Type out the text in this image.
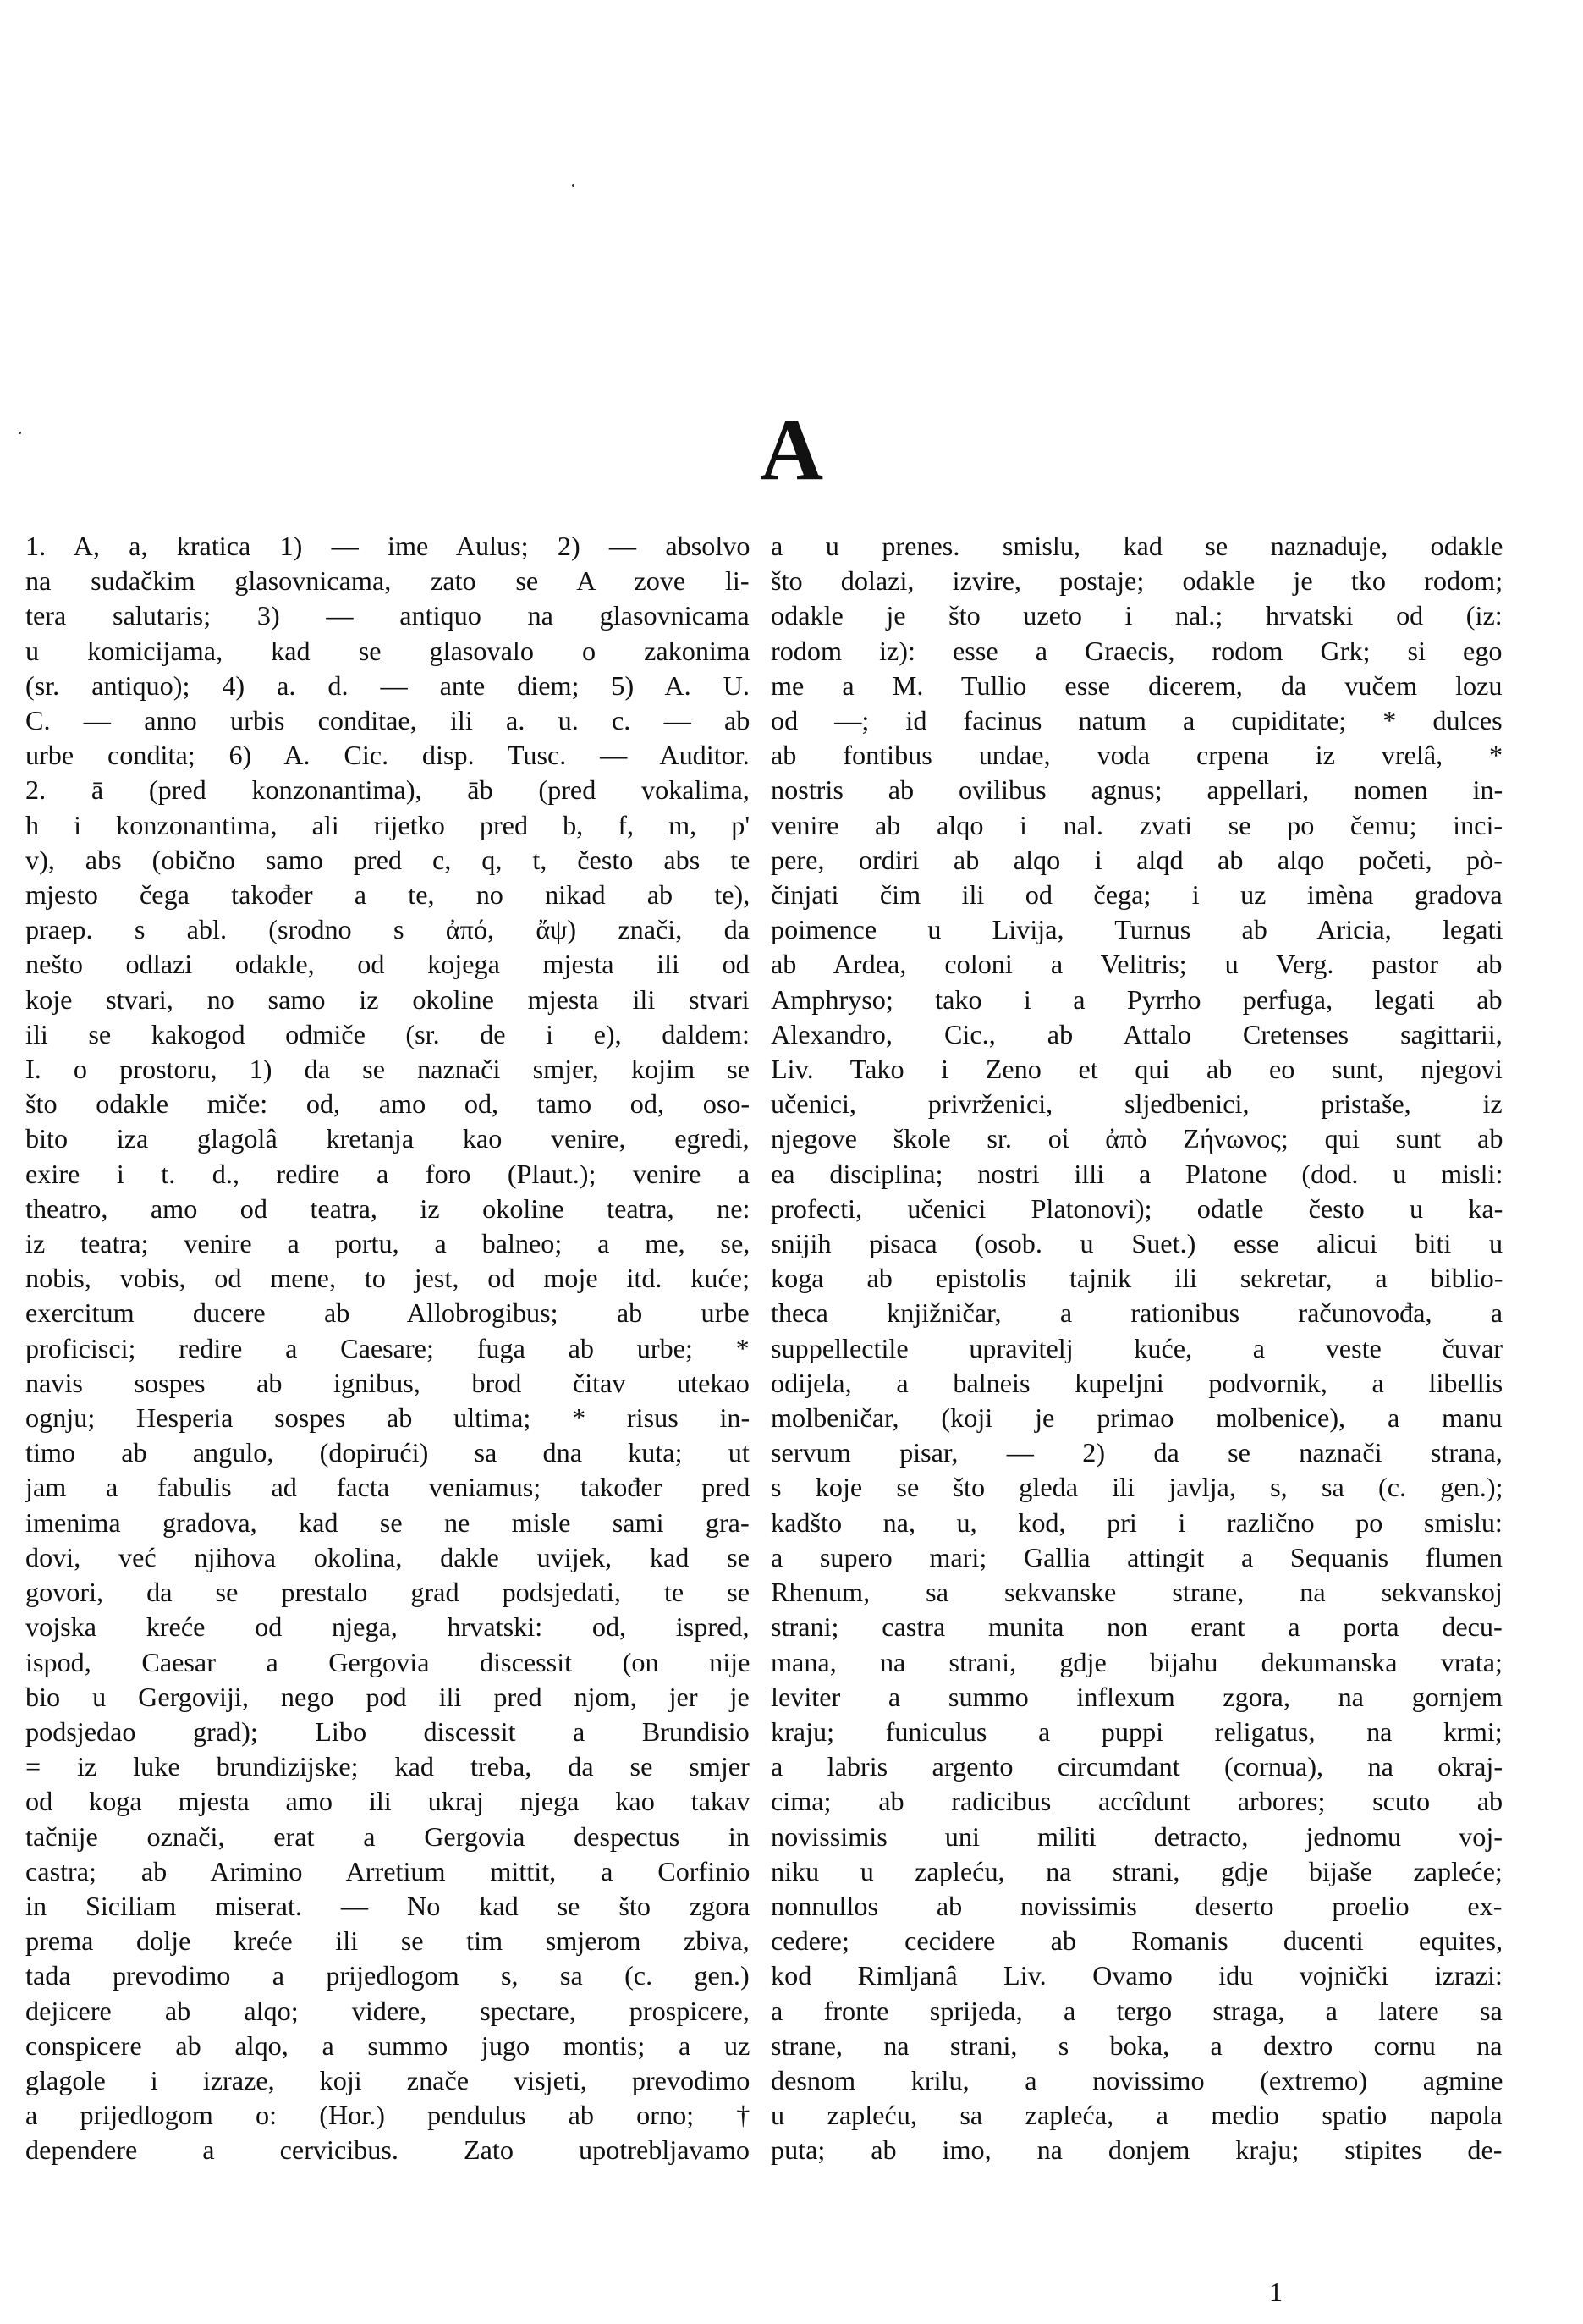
A
1. A, a, kratica 1) — ime Aulus; 2) — absolvo
na sudačkim glasovnicama, zato se A zove li-
tera salutaris; 3) — antiquo na glasovnicama
u komicijama, kad se glasovalo o zakonima
(sr. antiquo); 4) a. d. — ante diem; 5) A. U.
C. — anno urbis conditae, ili a. u. c. — ab
urbe condita; 6) A. Cic. disp. Tusc. — Auditor.
2. ā (pred konzonantima), āb (pred vokalima,
h i konzonantima, ali rijetko pred b, f, m, p'
v), abs (obično samo pred c, q, t, često abs te
mjesto čega također a te, no nikad ab te),
praep. s abl. (srodno s ἀπό, ἄψ) znači, da
nešto odlazi odakle, od kojega mjesta ili od
koje stvari, no samo iz okoline mjesta ili stvari
ili se kakogod odmiče (sr. de i e), daldem:
I. o prostoru, 1) da se naznači smjer, kojim se
što odakle miče: od, amo od, tamo od, oso-
bito iza glagolâ kretanja kao venire, egredi,
exire i t. d., redire a foro (Plaut.); venire a
theatro, amo od teatra, iz okoline teatra, ne:
iz teatra; venire a portu, a balneo; a me, se,
nobis, vobis, od mene, to jest, od moje itd. kuće;
exercitum ducere ab Allobrogibus; ab urbe
proficisci; redire a Caesare; fuga ab urbe; *
navis sospes ab ignibus, brod čitav utekao
ognju; Hesperia sospes ab ultima; * risus in-
timo ab angulo, (dopirući) sa dna kuta; ut
jam a fabulis ad facta veniamus; također pred
imenima gradova, kad se ne misle sami gra-
dovi, već njihova okolina, dakle uvijek, kad se
govori, da se prestalo grad podsjedati, te se
vojska kreće od njega, hrvatski: od, ispred,
ispod, Caesar a Gergovia discessit (on nije
bio u Gergoviji, nego pod ili pred njom, jer je
podsjedao grad); Libo discessit a Brundisio
= iz luke brundizijske; kad treba, da se smjer
od koga mjesta amo ili ukraj njega kao takav
tačnije označi, erat a Gergovia despectus in
castra; ab Arimino Arretium mittit, a Corfinio
in Siciliam miserat. — No kad se što zgora
prema dolje kreće ili se tim smjerom zbiva,
tada prevodimo a prijedlogom s, sa (c. gen.)
dejicere ab alqo; videre, spectare, prospicere,
conspicere ab alqo, a summo jugo montis; a uz
glagole i izraze, koji znače visjeti, prevodimo
a prijedlogom o: (Hor.) pendulus ab orno; †
dependere a cervicibus. Zato upotrebljavamo
a u prenes. smislu, kad se naznaduje, odakle
što dolazi, izvire, postaje; odakle je tko rodom;
odakle je što uzeto i nal.; hrvatski od (iz:
rodom iz): esse a Graecis, rodom Grk; si ego
me a M. Tullio esse dicerem, da vučem lozu
od —; id facinus natum a cupiditate; * dulces
ab fontibus undae, voda crpena iz vrelâ, *
nostris ab ovilibus agnus; appellari, nomen in-
venire ab alqo i nal. zvati se po čemu; inci-
pere, ordiri ab alqo i alqd ab alqo početi, pò-
činjati čim ili od čega; i uz imèna gradova
poimence u Livija, Turnus ab Aricia, legati
ab Ardea, coloni a Velitris; u Verg. pastor ab
Amphryso; tako i a Pyrrho perfuga, legati ab
Alexandro, Cic., ab Attalo Cretenses sagittarii,
Liv. Tako i Zeno et qui ab eo sunt, njegovi
učenici, privrženici, sljedbenici, pristaše, iz
njegove škole sr. οἱ ἀπὸ Ζήνωνος; qui sunt ab
ea disciplina; nostri illi a Platone (dod. u misli:
profecti, učenici Platonovi); odatle često u ka-
snijih pisaca (osob. u Suet.) esse alicui biti u
koga ab epistolis tajnik ili sekretar, a biblio-
theca knjižničar, a rationibus računovođa, a
suppellectile upravitelj kuće, a veste čuvar
odijela, a balneis kupeljni podvornik, a libellis
molbeničar, (koji je primao molbenice), a manu
servum pisar, — 2) da se naznači strana,
s koje se što gleda ili javlja, s, sa (c. gen.);
kadšto na, u, kod, pri i različno po smislu:
a supero mari; Gallia attingit a Sequanis flumen
Rhenum, sa sekvanske strane, na sekvanskoj
strani; castra munita non erant a porta decu-
mana, na strani, gdje bijahu dekumanska vrata;
leviter a summo inflexum zgora, na gornjem
kraju; funiculus a puppi religatus, na krmi;
a labris argento circumdant (cornua), na okraj-
cima; ab radicibus accîdunt arbores; scuto ab
novissimis uni militi detracto, jednomu voj-
niku u zapleću, na strani, gdje bijaše zapleće;
nonnullos ab novissimis deserto proelio ex-
cedere; cecidere ab Romanis ducenti equites,
kod Rimljanâ Liv. Ovamo idu vojnički izrazi:
a fronte sprijeda, a tergo straga, a latere sa
strane, na strani, s boka, a dextro cornu na
desnom krilu, a novissimo (extremo) agmine
u zapleću, sa zapleća, a medio spatio napola
puta; ab imo, na donjem kraju; stipites de-
1
